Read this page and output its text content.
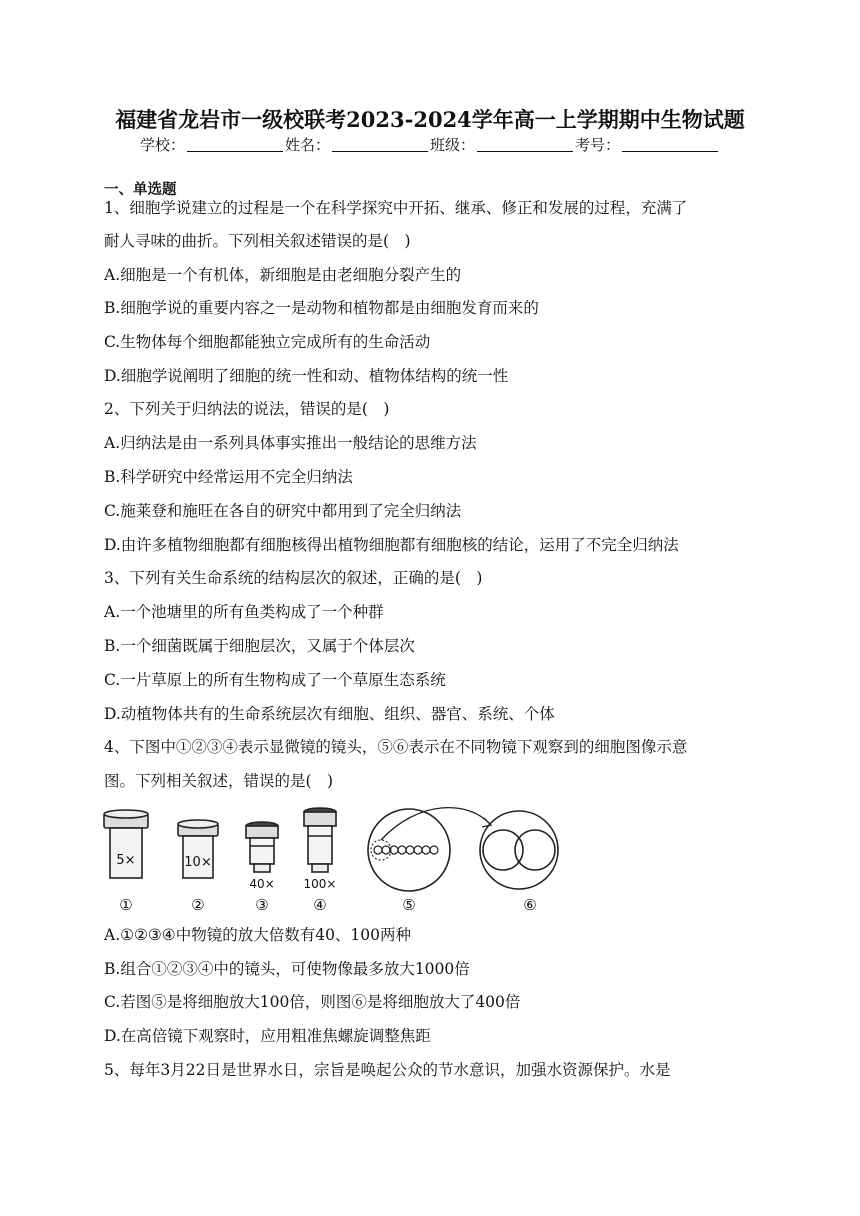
福建省龙岩市一级校联考2023-2024学年高一上学期期中生物试题
学校：	姓名：	班级：	考号：
一、单选题
1、细胞学说建立的过程是一个在科学探究中开拓、继承、修正和发展的过程，充满了
耐人寻味的曲折。下列相关叙述错误的是(　)
A.细胞是一个有机体，新细胞是由老细胞分裂产生的
B.细胞学说的重要内容之一是动物和植物都是由细胞发育而来的
C.生物体每个细胞都能独立完成所有的生命活动
D.细胞学说阐明了细胞的统一性和动、植物体结构的统一性
2、下列关于归纳法的说法，错误的是(　)
A.归纳法是由一系列具体事实推出一般结论的思维方法
B.科学研究中经常运用不完全归纳法
C.施莱登和施旺在各自的研究中都用到了完全归纳法
D.由许多植物细胞都有细胞核得出植物细胞都有细胞核的结论，运用了不完全归纳法
3、下列有关生命系统的结构层次的叙述，正确的是(　)
A.一个池塘里的所有鱼类构成了一个种群
B.一个细菌既属于细胞层次，又属于个体层次
C.一片草原上的所有生物构成了一个草原生态系统
D.动植物体共有的生命系统层次有细胞、组织、器官、系统、个体
4、下图中①②③④表示显微镜的镜头，⑤⑥表示在不同物镜下观察到的细胞图像示意
图。下列相关叙述，错误的是(　)
5×	10×
40× 100×
①	②	③	④	⑤	⑥
A.①②③④中物镜的放大倍数有40、100两种
B.组合①②③④中的镜头，可使物像最多放大1000倍
C.若图⑤是将细胞放大100倍，则图⑥是将细胞放大了400倍
D.在高倍镜下观察时，应用粗准焦螺旋调整焦距
5、每年3月22日是世界水日，宗旨是唤起公众的节水意识，加强水资源保护。水是
